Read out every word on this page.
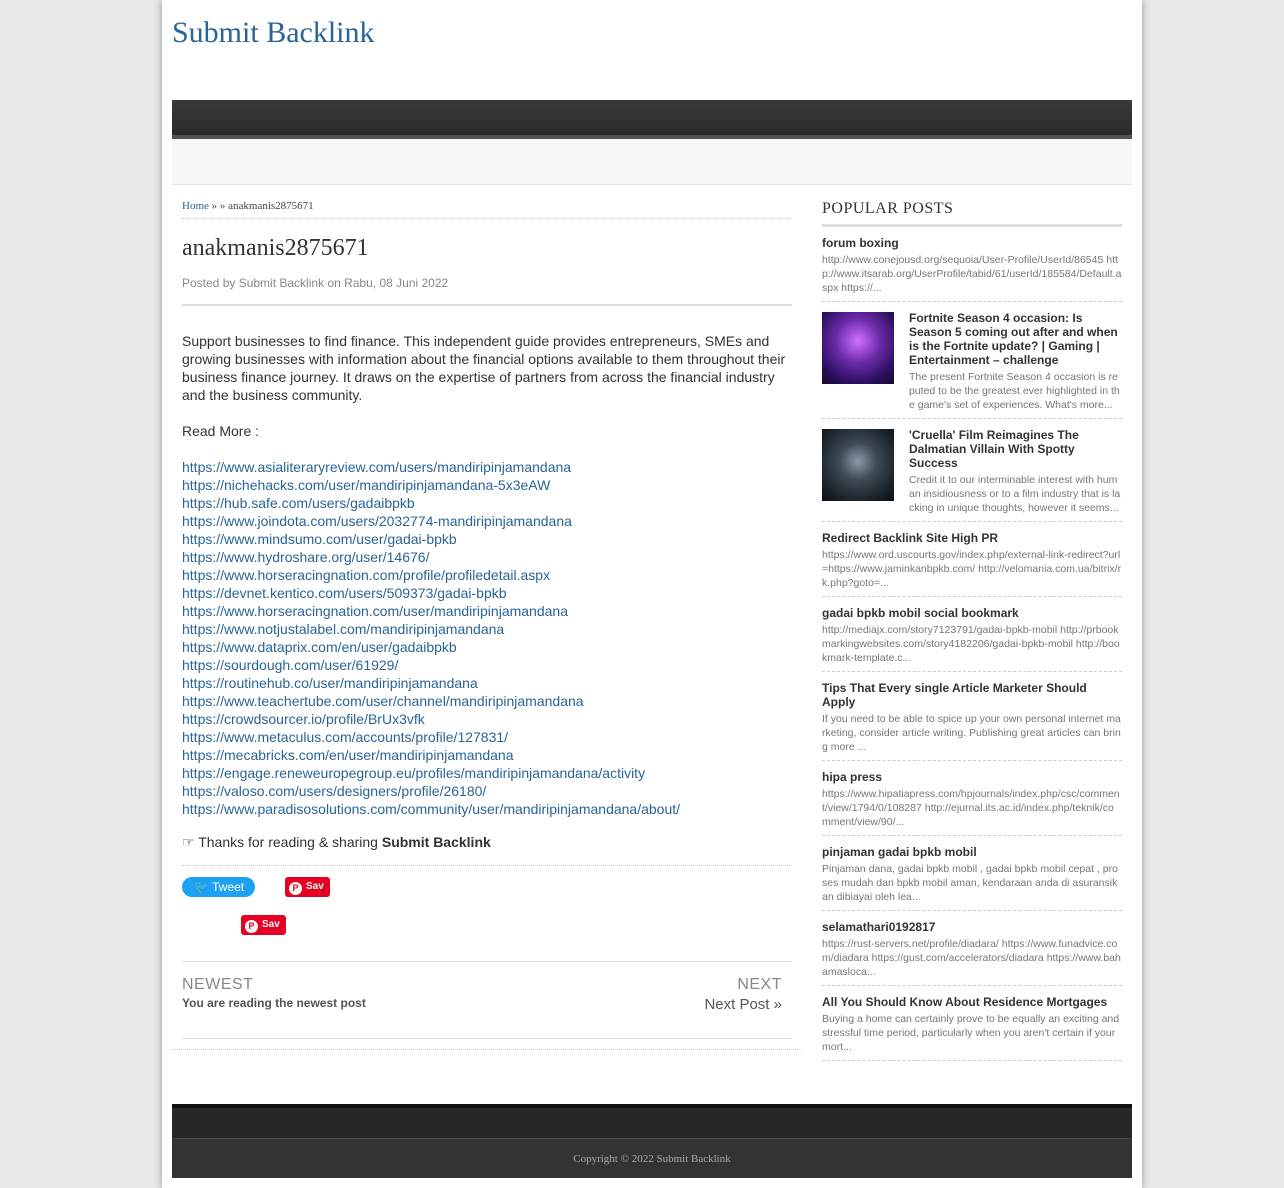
Submit Backlink
Home » » anakmanis2875671
anakmanis2875671
Posted by Submit Backlink on Rabu, 08 Juni 2022

Support businesses to find finance. This independent guide provides entrepreneurs, SMEs and growing businesses with information about the financial options available to them throughout their business finance journey. It draws on the expertise of partners from across the financial industry and the business community.

Read More :

https://www.asialiteraryreview.com/users/mandiripinjamandana
https://nichehacks.com/user/mandiripinjamandana-5x3eAW
https://hub.safe.com/users/gadaibpkb
https://www.joindota.com/users/2032774-mandiripinjamandana
https://www.mindsumo.com/user/gadai-bpkb
https://www.hydroshare.org/user/14676/
https://www.horseracingnation.com/profile/profiledetail.aspx
https://devnet.kentico.com/users/509373/gadai-bpkb
https://www.horseracingnation.com/user/mandiripinjamandana
https://www.notjustalabel.com/mandiripinjamandana
https://www.dataprix.com/en/user/gadaibpkb
https://sourdough.com/user/61929/
https://routinehub.co/user/mandiripinjamandana
https://www.teachertube.com/user/channel/mandiripinjamandana
https://crowdsourcer.io/profile/BrUx3vfk
https://www.metaculus.com/accounts/profile/127831/
https://mecabricks.com/en/user/mandiripinjamandana
https://engage.reneweuropegroup.eu/profiles/mandiripinjamandana/activity
https://valoso.com/users/designers/profile/26180/
https://www.paradisosolutions.com/community/user/mandiripinjamandana/about/
☞ Thanks for reading & sharing Submit Backlink
🐦 Tweet	P Sav
P Sav
NEWEST
You are reading the newest post
NEXT
Next Post »
POPULAR POSTS
forum boxing
http://www.conejousd.org/sequoia/User-Profile/UserId/86545 http://www.itsarab.org/UserProfile/tabid/61/userId/185584/Default.aspx https://...
Fortnite Season 4 occasion: Is Season 5 coming out after and when is the Fortnite update? | Gaming | Entertainment – challenge
The present Fortnite Season 4 occasion is reputed to be the greatest ever highlighted in the game's set of experiences. What's more...
'Cruella' Film Reimagines The Dalmatian Villain With Spotty Success
Credit it to our interminable interest with human insidiousness or to a film industry that is lacking in unique thoughts, however it seems...
Redirect Backlink Site High PR
https://www.ord.uscourts.gov/index.php/external-link-redirect?url=https://www.jaminkanbpkb.com/ http://velomania.com.ua/bitrix/rk.php?goto=...
gadai bpkb mobil social bookmark
http://mediajx.com/story7123791/gadai-bpkb-mobil http://prbookmarkingwebsites.com/story4182206/gadai-bpkb-mobil http://bookmark-template.c...
Tips That Every single Article Marketer Should Apply
If you need to be able to spice up your own personal internet marketing, consider article writing. Publishing great articles can bring more ...
hipa press
https://www.hipatiapress.com/hpjournals/index.php/csc/comment/view/1794/0/108287 http://ejurnal.its.ac.id/index.php/teknik/comment/view/90/...
pinjaman gadai bpkb mobil
Pinjaman dana, gadai bpkb mobil , gadai bpkb mobil cepat , proses mudah dan bpkb mobil aman, kendaraan anda di asuransikan dibiayai oleh lea...
selamathari0192817
https://rust-servers.net/profile/diadara/ https://www.funadvice.com/diadara https://gust.com/accelerators/diadara https://www.bahamasloca...
All You Should Know About Residence Mortgages
Buying a home can certainly prove to be equally an exciting and stressful time period, particularly when you aren't certain if your mort...
Copyright © 2022 Submit Backlink
